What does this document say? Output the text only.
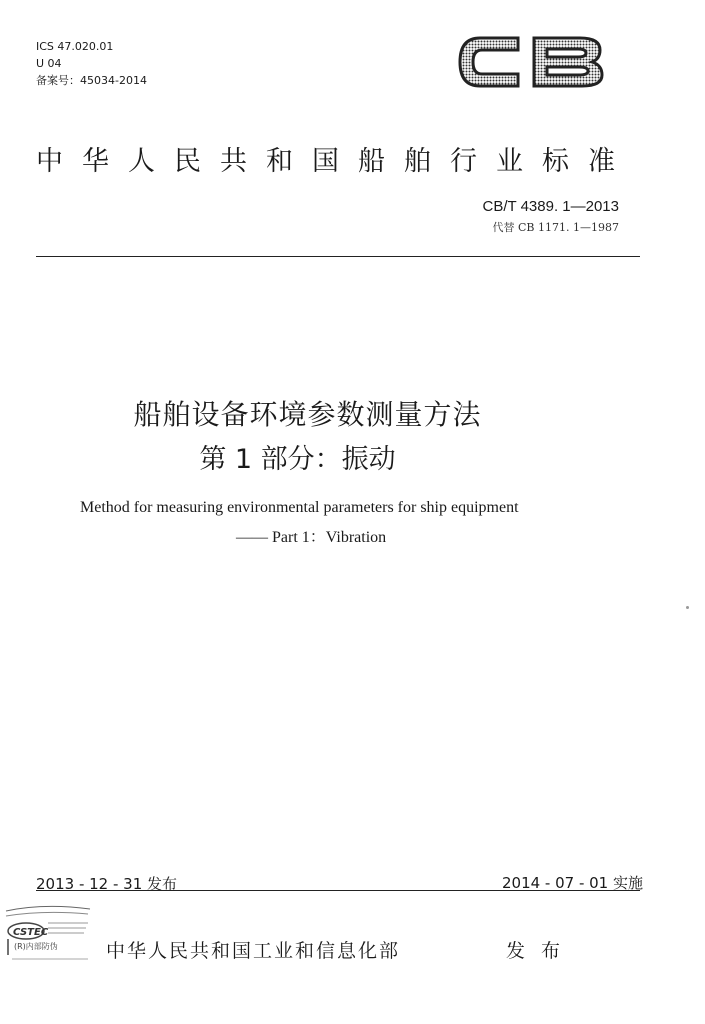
ICS 47.020.01
U 04
备案号：45034-2014
中华人民共和国船舶行业标准
CB/T 4389. 1—2013
代替 CB 1171. 1—1987
船舶设备环境参数测量方法
第 1 部分：振动
Method for measuring environmental parameters for ship equipment
—— Part 1：Vibration
2013 - 12 - 31 发布	2014 - 07 - 01 实施
CSTEC
(R)内部防伪	中华人民共和国工业和信息化部	发 布
